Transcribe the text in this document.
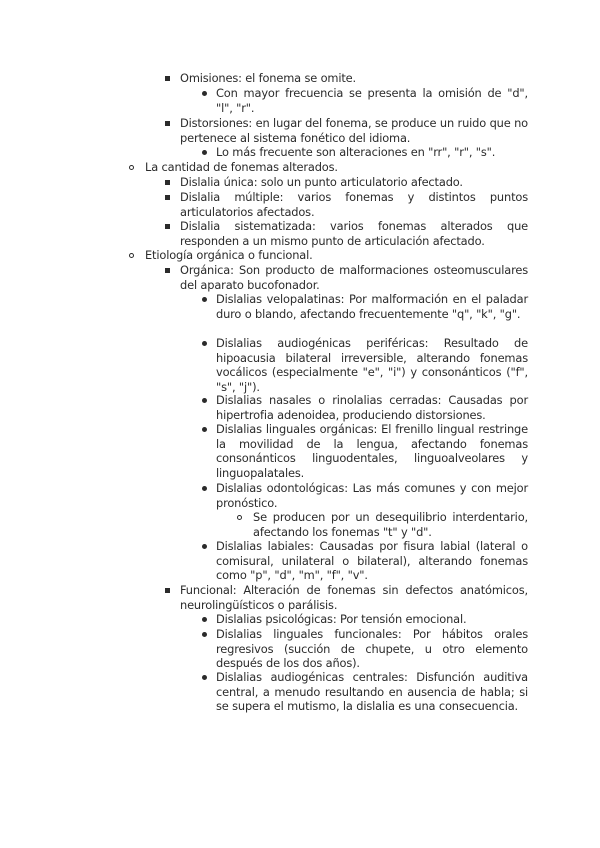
Omisiones: el fonema se omite.
Con mayor frecuencia se presenta la omisión de "d", "l", "r".
Distorsiones: en lugar del fonema, se produce un ruido que no pertenece al sistema fonético del idioma.
Lo más frecuente son alteraciones en "rr", "r", "s".
La cantidad de fonemas alterados.
Dislalia única: solo un punto articulatorio afectado.
Dislalia múltiple: varios fonemas y distintos puntos articulatorios afectados.
Dislalia sistematizada: varios fonemas alterados que responden a un mismo punto de articulación afectado.
Etiología orgánica o funcional.
Orgánica: Son producto de malformaciones osteomusculares del aparato bucofonador.
Dislalias velopalatinas: Por malformación en el paladar duro o blando, afectando frecuentemente "q", "k", "g".
Dislalias audiogénicas periféricas: Resultado de hipoacusia bilateral irreversible, alterando fonemas vocálicos (especialmente "e", "i") y consonánticos ("f", "s", "j").
Dislalias nasales o rinolalias cerradas: Causadas por hipertrofia adenoidea, produciendo distorsiones.
Dislalias linguales orgánicas: El frenillo lingual restringe la movilidad de la lengua, afectando fonemas consonánticos linguodentales, linguoalveolares y linguopalatales.
Dislalias odontológicas: Las más comunes y con mejor pronóstico.
Se producen por un desequilibrio interdentario, afectando los fonemas "t" y "d".
Dislalias labiales: Causadas por fisura labial (lateral o comisural, unilateral o bilateral), alterando fonemas como "p", "d", "m", "f", "v".
Funcional: Alteración de fonemas sin defectos anatómicos, neurolingüísticos o parálisis.
Dislalias psicológicas: Por tensión emocional.
Dislalias linguales funcionales: Por hábitos orales regresivos (succión de chupete, u otro elemento después de los dos años).
Dislalias audiogénicas centrales: Disfunción auditiva central, a menudo resultando en ausencia de habla; si se supera el mutismo, la dislalia es una consecuencia.
